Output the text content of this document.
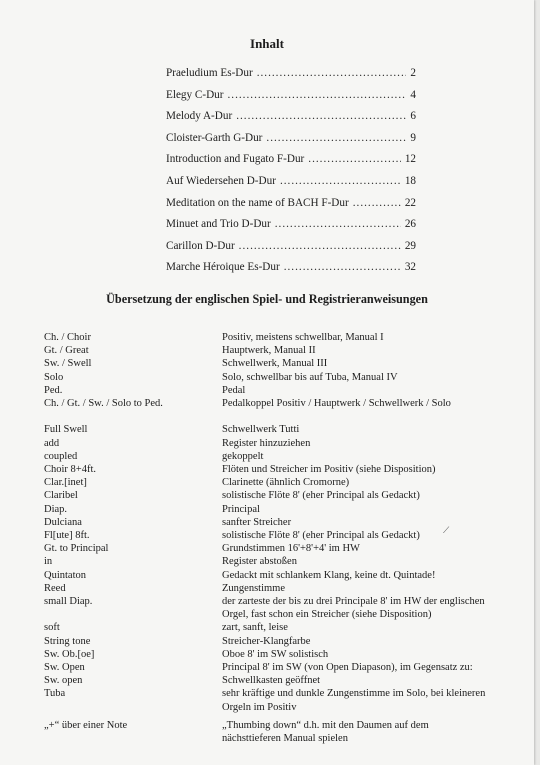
Inhalt
Praeludium Es-Dur .....	2
Elegy C-Dur .....	4
Melody A-Dur .....	6
Cloister-Garth G-Dur .....	9
Introduction and Fugato F-Dur .....	12
Auf Wiedersehen D-Dur .....	18
Meditation on the name of BACH F-Dur .....	22
Minuet and Trio D-Dur .....	26
Carillon D-Dur .....	29
Marche Héroique Es-Dur .....	32
Übersetzung der englischen Spiel- und Registrieranweisungen
Ch. / Choir	Positiv, meistens schwellbar, Manual I
Gt. / Great	Hauptwerk, Manual II
Sw. / Swell	Schwellwerk, Manual III
Solo	Solo, schwellbar bis auf Tuba, Manual IV
Ped.	Pedal
Ch. / Gt. / Sw. / Solo to Ped.	Pedalkoppel Positiv / Hauptwerk / Schwellwerk / Solo
Full Swell	Schwellwerk Tutti
add	Register hinzuziehen
coupled	gekoppelt
Choir 8+4ft.	Flöten und Streicher im Positiv (siehe Disposition)
Clar.[inet]	Clarinette (ähnlich Cromorne)
Claribel	solistische Flöte 8' (eher Principal als Gedackt)
Diap.	Principal
Dulciana	sanfter Streicher
Fl[ute] 8ft.	solistische Flöte 8' (eher Principal als Gedackt)
Gt. to Principal	Grundstimmen 16'+8'+4' im HW
in	Register abstoßen
Quintaton	Gedackt mit schlankem Klang, keine dt. Quintade!
Reed	Zungenstimme
small Diap.	der zarteste der bis zu drei Principale 8' im HW der englischen
Orgel, fast schon ein Streicher (siehe Disposition)
soft	zart, sanft, leise
String tone	Streicher-Klangfarbe
Sw. Ob.[oe]	Oboe 8' im SW solistisch
Sw. Open	Principal 8' im SW (von Open Diapason), im Gegensatz zu:
Sw. open	Schwellkasten geöffnet
Tuba	sehr kräftige und dunkle Zungenstimme im Solo, bei kleineren
Orgeln im Positiv
„+“ über einer Note	„Thumbing down“ d.h. mit den Daumen auf dem
nächsttieferen Manual spielen
⟋
